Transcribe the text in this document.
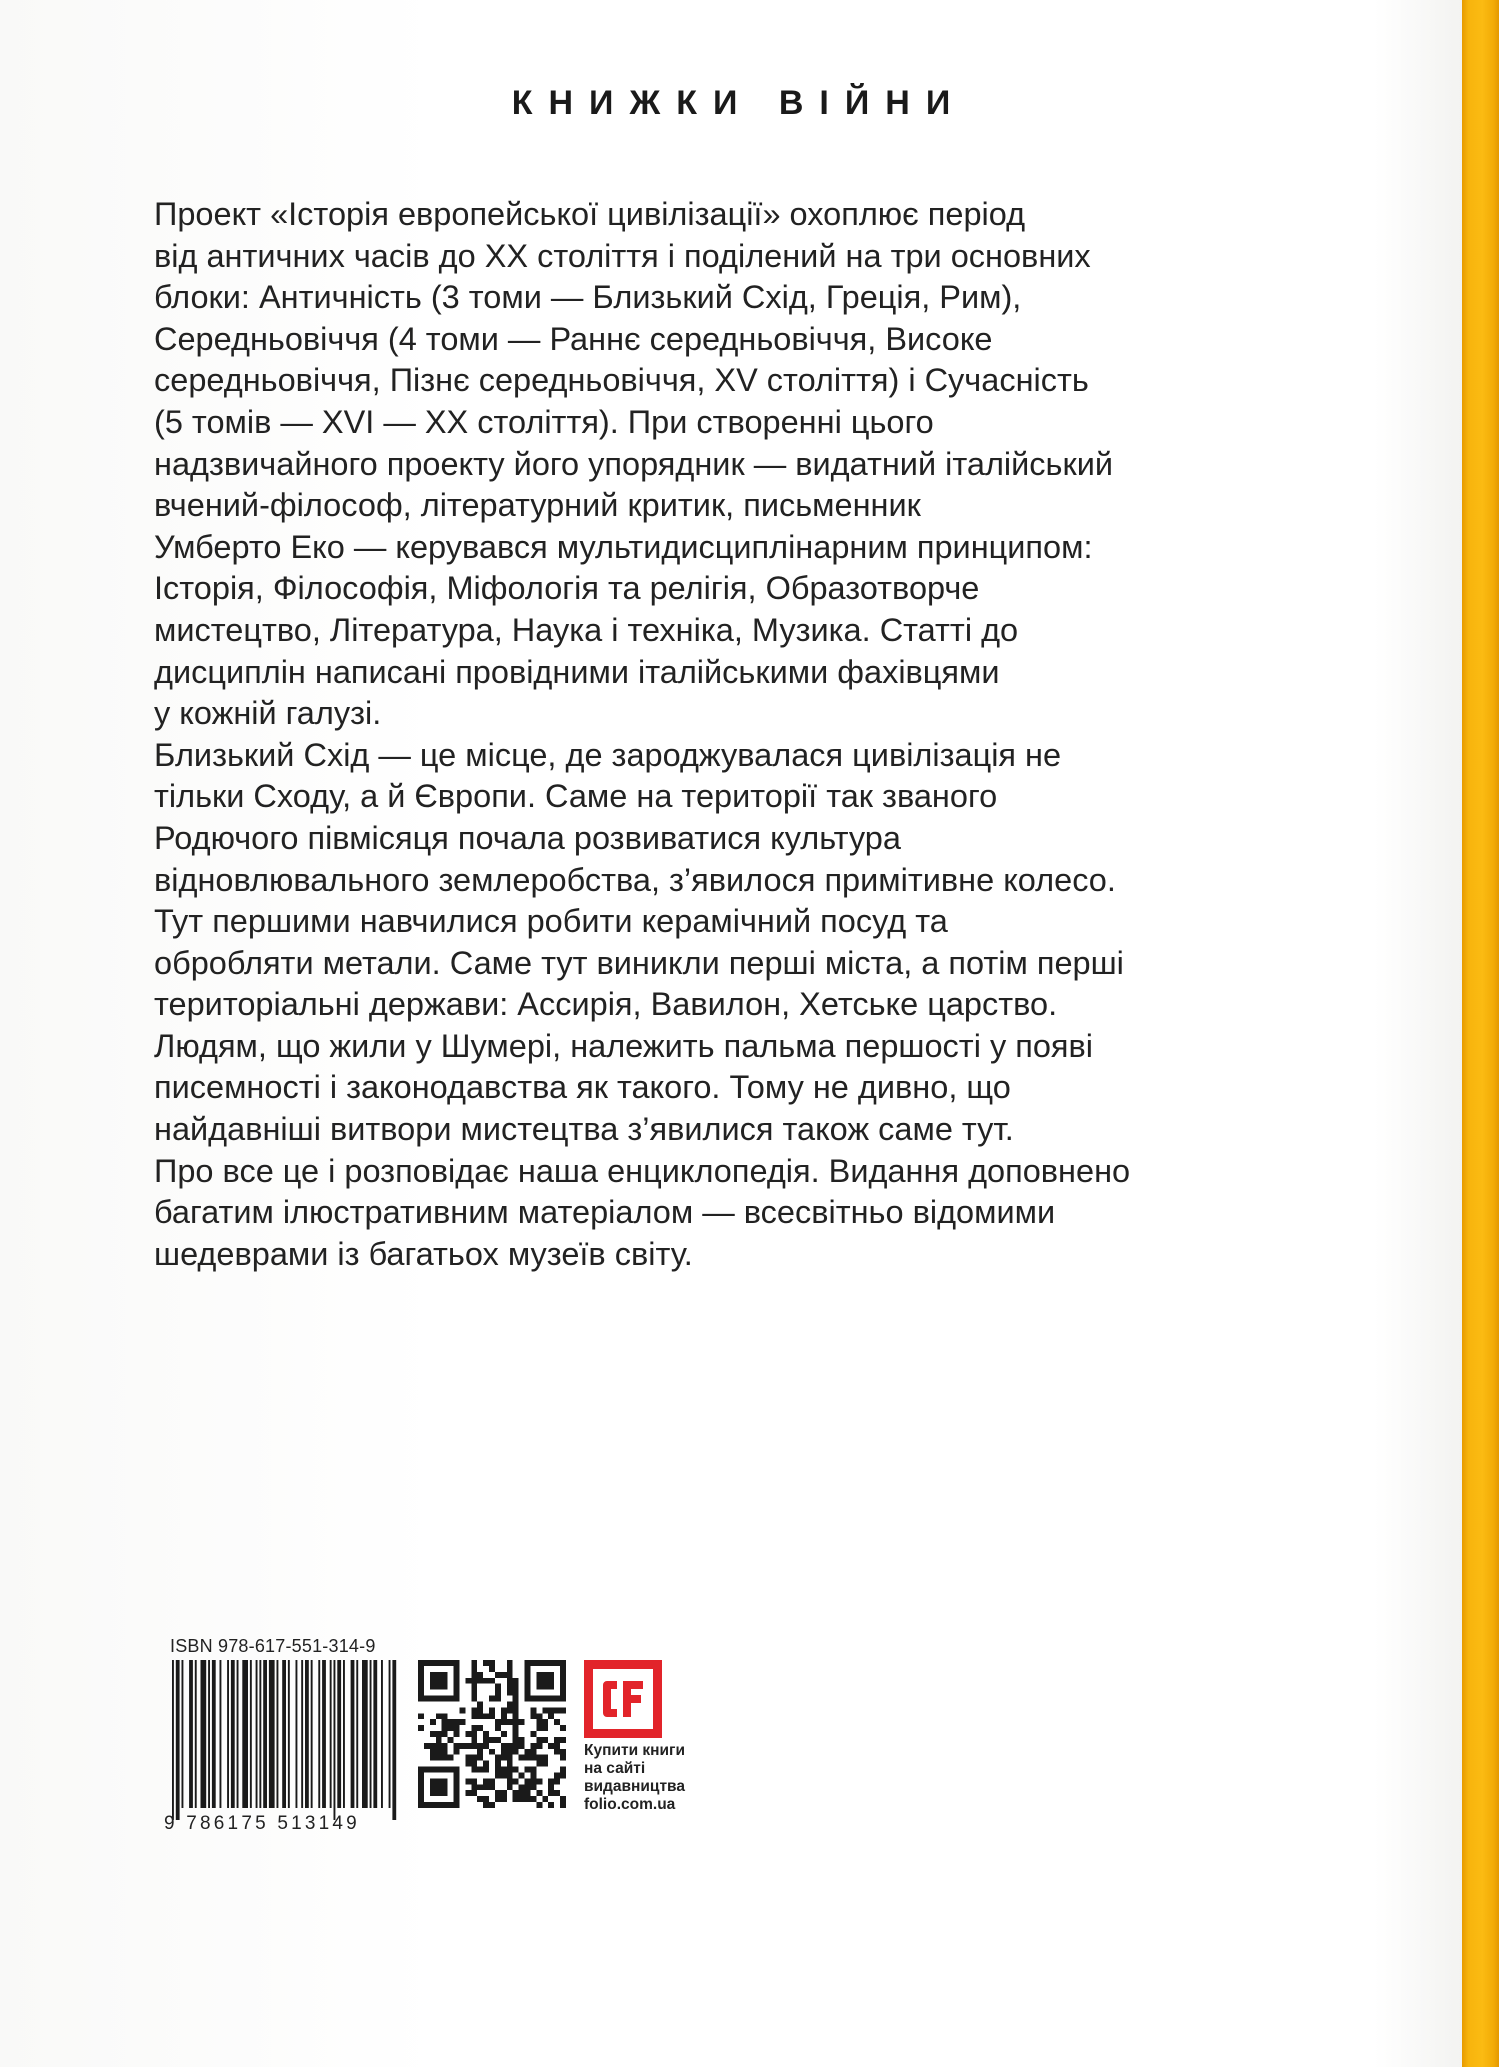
КНИЖКИ ВІЙНИ
Проект «Історія европейської цивілізації» охоплює період
від античних часів до XX століття і поділений на три основних
блоки: Античність (3 томи — Близький Схід, Греція, Рим),
Середньовіччя (4 томи — Раннє середньовіччя, Високе
середньовіччя, Пізнє середньовіччя, XV століття) і Сучасність
(5 томів — XVI — XX століття). При створенні цього
надзвичайного проекту його упорядник — видатний італійський
вчений-філософ, літературний критик, письменник
Умберто Еко — керувався мультидисциплінарним принципом:
Історія, Філософія, Міфологія та релігія, Образотворче
мистецтво, Література, Наука і техніка, Музика. Статті до
дисциплін написані провідними італійськими фахівцями
у кожній галузі.
Близький Схід — це місце, де зароджувалася цивілізація не
тільки Сходу, а й Європи. Саме на території так званого
Родючого півмісяця почала розвиватися культура
відновлювального землеробства, з’явилося примітивне колесо.
Тут першими навчилися робити керамічний посуд та
обробляти метали. Саме тут виникли перші міста, а потім перші
територіальні держави: Ассирія, Вавилон, Хетське царство.
Людям, що жили у Шумері, належить пальма першості у появі
писемності і законодавства як такого. Тому не дивно, що
найдавніші витвори мистецтва з’явилися також саме тут.
Про все це і розповідає наша енциклопедія. Видання доповнено
багатим ілюстративним матеріалом — всесвітньо відомими
шедеврами із багатьох музеїв світу.
ISBN 978-617-551-314-9
9 786175 513149
Купити книги
на сайті
видавництва
folio.com.ua
